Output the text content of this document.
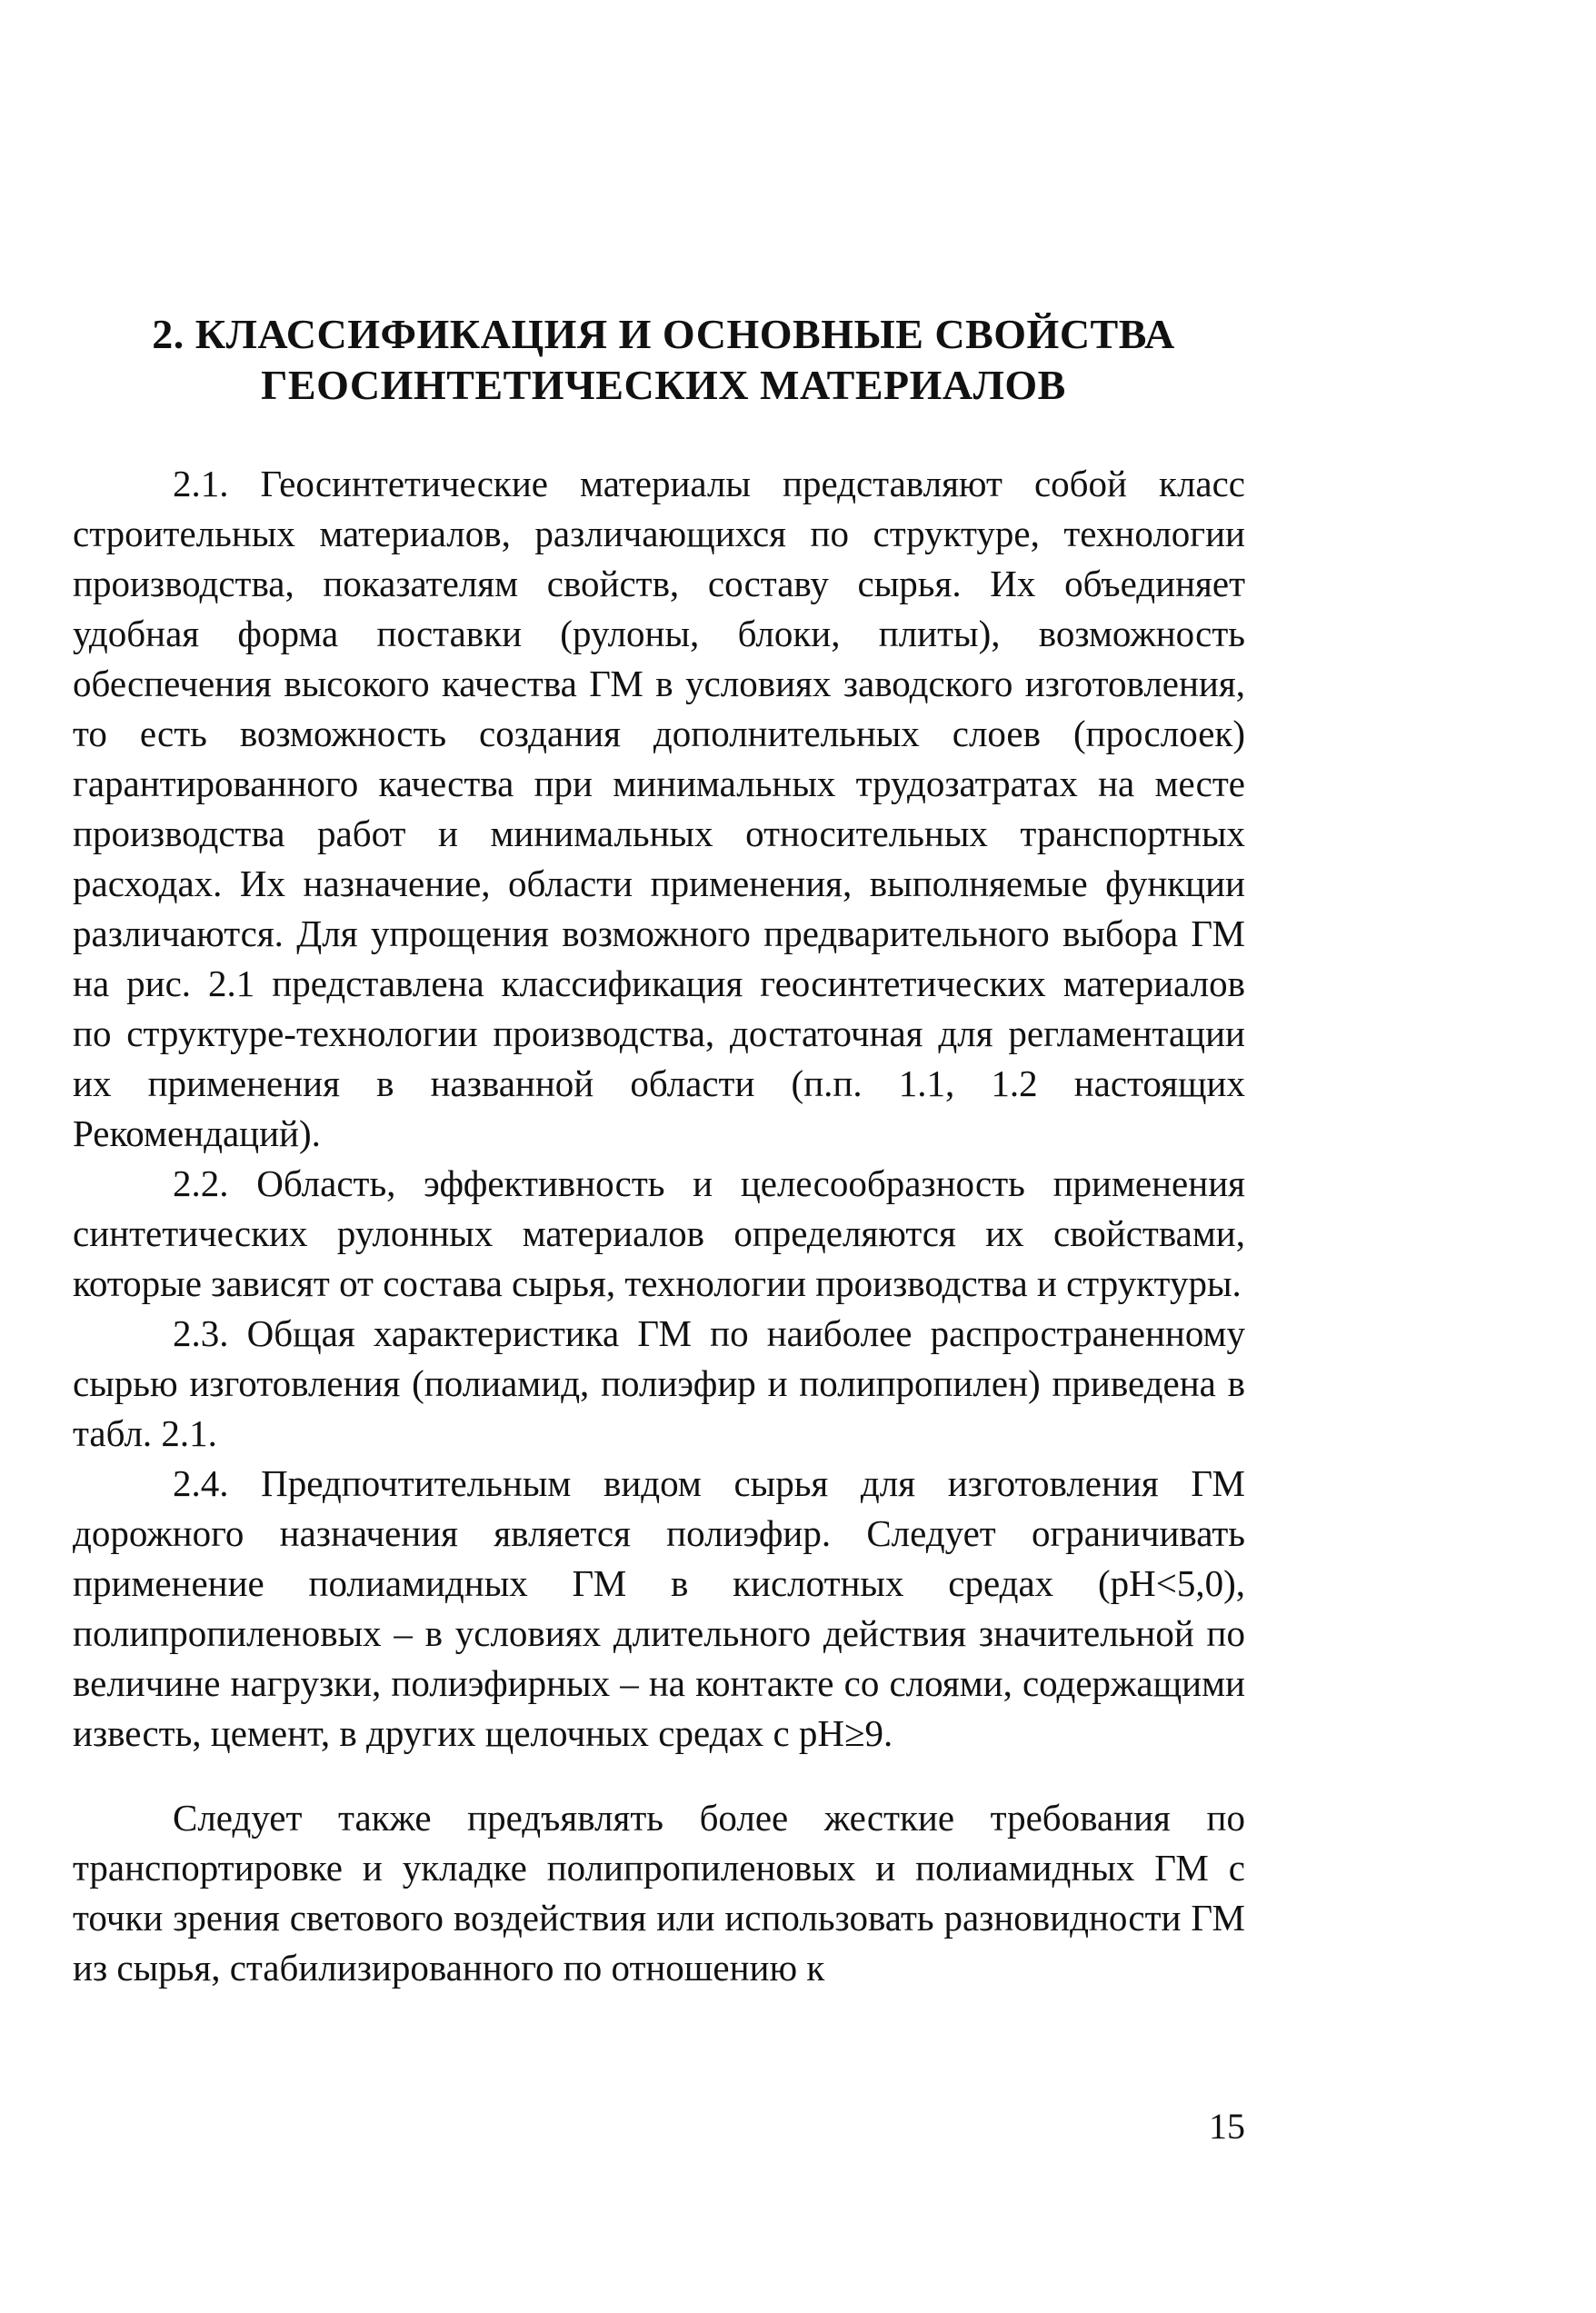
2. КЛАССИФИКАЦИЯ И ОСНОВНЫЕ СВОЙСТВА
ГЕОСИНТЕТИЧЕСКИХ МАТЕРИАЛОВ

2.1. Геосинтетические материалы представляют собой класс строительных материалов, различающихся по структуре, технологии производства, показателям свойств, составу сырья. Их объединяет удобная форма поставки (рулоны, блоки, плиты), возможность обеспечения высокого качества ГМ в условиях заводского изготовления, то есть возможность создания дополнительных слоев (прослоек) гарантированного качества при минимальных трудозатратах на месте производства работ и минимальных относительных транспортных расходах. Их назначение, области применения, выполняемые функции различаются. Для упрощения возможного предварительного выбора ГМ на рис. 2.1 представлена классификация геосинтетических материалов по структуре-технологии производства, достаточная для регламентации их применения в названной области (п.п. 1.1, 1.2 настоящих Рекомендаций).

2.2. Область, эффективность и целесообразность применения синтетических рулонных материалов определяются их свойствами, которые зависят от состава сырья, технологии производства и структуры.

2.3. Общая характеристика ГМ по наиболее распространенному сырью изготовления (полиамид, полиэфир и полипропилен) приведена в табл. 2.1.

2.4. Предпочтительным видом сырья для изготовления ГМ дорожного назначения является полиэфир. Следует ограничивать применение полиамидных ГМ в кислотных средах (pH<5,0), полипропиленовых – в условиях длительного действия значительной по величине нагрузки, полиэфирных – на контакте со слоями, содержащими известь, цемент, в других щелочных средах с pH≥9.

Следует также предъявлять более жесткие требования по транспортировке и укладке полипропиленовых и полиамидных ГМ с точки зрения светового воздействия или использовать разновидности ГМ из сырья, стабилизированного по отношению к

15
